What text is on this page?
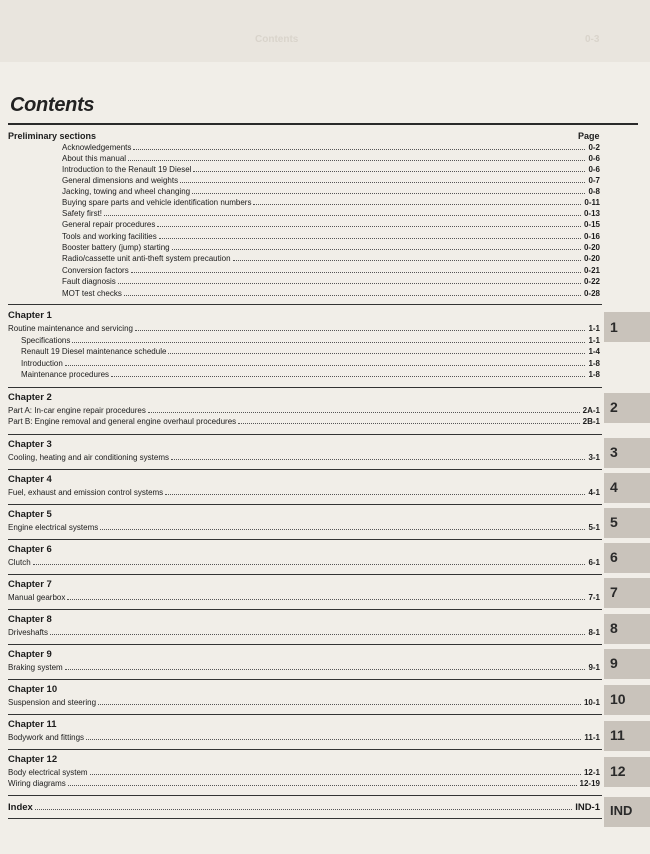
Contents	0-3
Contents
Preliminary sections	Page
Acknowledgements	0-2
About this manual	0-6
Introduction to the Renault 19 Diesel	0-6
General dimensions and weights	0-7
Jacking, towing and wheel changing	0-8
Buying spare parts and vehicle identification numbers	0-11
Safety first!	0-13
General repair procedures	0-15
Tools and working facilities	0-16
Booster battery (jump) starting	0-20
Radio/cassette unit anti-theft system precaution	0-20
Conversion factors	0-21
Fault diagnosis	0-22
MOT test checks	0-28
Chapter 1
Routine maintenance and servicing	1-1
Specifications	1-1
Renault 19 Diesel maintenance schedule	1-4
Introduction	1-8
Maintenance procedures	1-8
1
Chapter 2
Part A: In-car engine repair procedures	2A-1
Part B: Engine removal and general engine overhaul procedures	2B-1
2
Chapter 3
Cooling, heating and air conditioning systems	3-1 3
Chapter 4
Fuel, exhaust and emission control systems	4-1 4
Chapter 5
Engine electrical systems	5-1 5
Chapter 6
Clutch	6-1 6
Chapter 7
Manual gearbox	7-1 7
Chapter 8
Driveshafts	8-1 8
Chapter 9
Braking system	9-1 9
Chapter 10
Suspension and steering	10-1 10
Chapter 11
Bodywork and fittings	11-1 11
Chapter 12
Body electrical system	12-1
Wiring diagrams	12-19
12
Index	IND-1 IND
